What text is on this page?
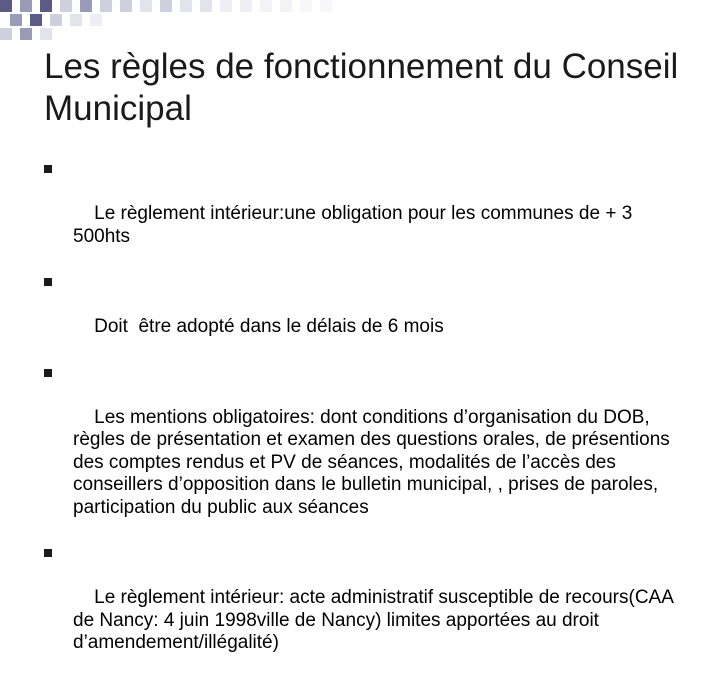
Les règles de fonctionnement du Conseil Municipal

Le règlement intérieur:une obligation pour les communes de + 3 500hts

Doit  être adopté dans le délais de 6 mois

Les mentions obligatoires: dont conditions d’organisation du DOB, règles de présentation et examen des questions orales, de présentions des comptes rendus et PV de séances, modalités de l’accès des conseillers d’opposition dans le bulletin municipal, , prises de paroles, participation du public aux séances

Le règlement intérieur: acte administratif susceptible de recours(CAA de Nancy: 4 juin 1998ville de Nancy) limites apportées au droit d’amendement/illégalité)
